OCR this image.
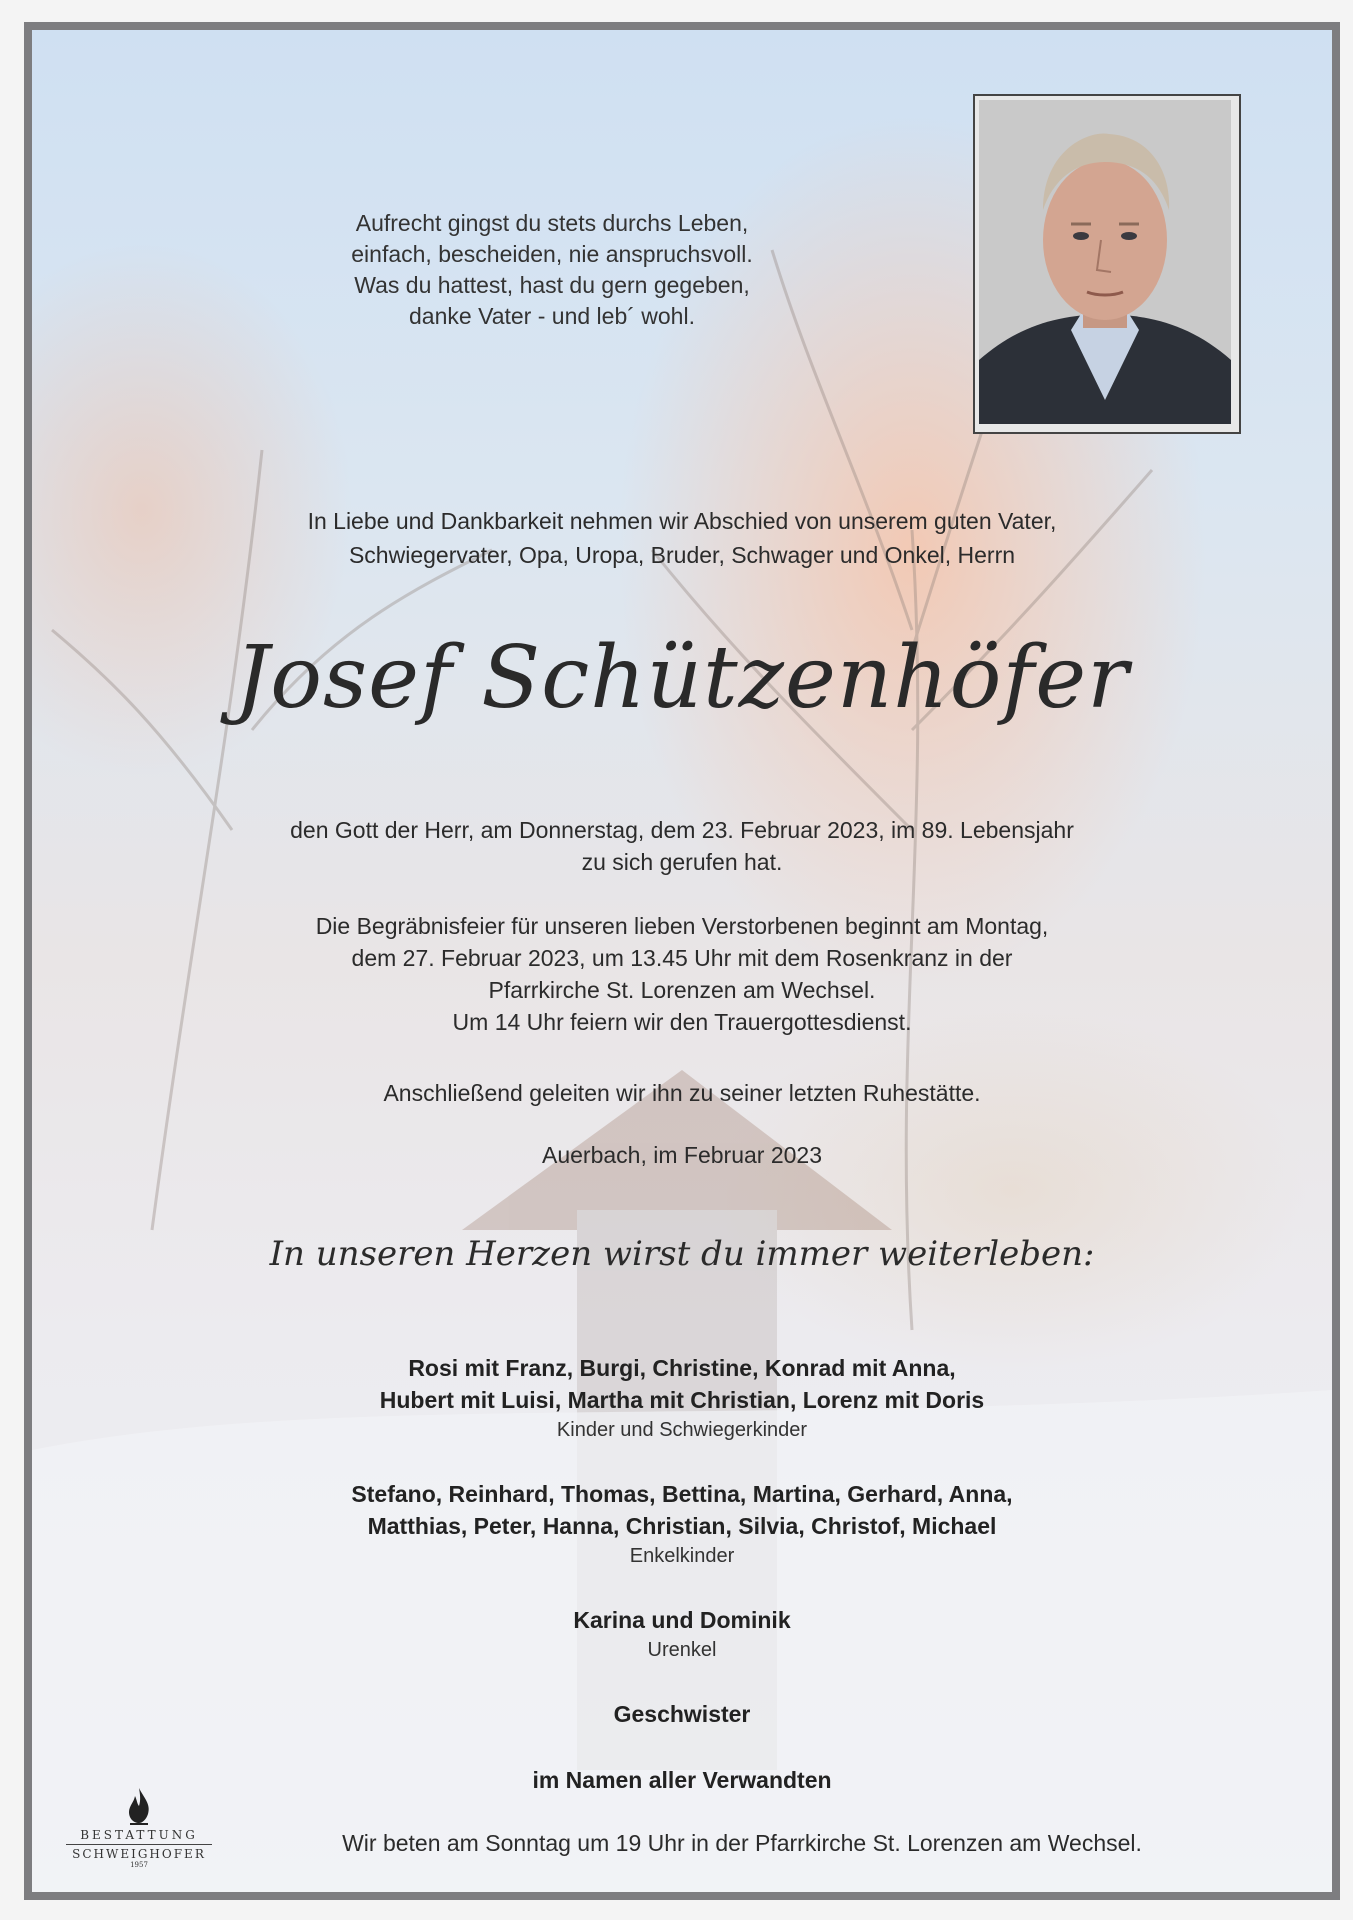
Aufrecht gingst du stets durchs Leben,
einfach, bescheiden, nie anspruchsvoll.
Was du hattest, hast du gern gegeben,
danke Vater - und leb´ wohl.
In Liebe und Dankbarkeit nehmen wir Abschied von unserem guten Vater,
Schwiegervater, Opa, Uropa, Bruder, Schwager und Onkel, Herrn
Josef Schützenhöfer
den Gott der Herr, am Donnerstag, dem 23. Februar 2023, im 89. Lebensjahr
zu sich gerufen hat.
Die Begräbnisfeier für unseren lieben Verstorbenen beginnt am Montag,
dem 27. Februar 2023, um 13.45 Uhr mit dem Rosenkranz in der
Pfarrkirche St. Lorenzen am Wechsel.
Um 14 Uhr feiern wir den Trauergottesdienst.
Anschließend geleiten wir ihn zu seiner letzten Ruhestätte.
Auerbach, im Februar 2023
In unseren Herzen wirst du immer weiterleben:
Rosi mit Franz, Burgi, Christine, Konrad mit Anna,
Hubert mit Luisi, Martha mit Christian, Lorenz mit Doris
Kinder und Schwiegerkinder
Stefano, Reinhard, Thomas, Bettina, Martina, Gerhard, Anna,
Matthias, Peter, Hanna, Christian, Silvia, Christof, Michael
Enkelkinder
Karina und Dominik
Urenkel
Geschwister
im Namen aller Verwandten
Wir beten am Sonntag um 19 Uhr in der Pfarrkirche St. Lorenzen am Wechsel.
BESTATTUNG
SCHWEIGHOFER
1957
